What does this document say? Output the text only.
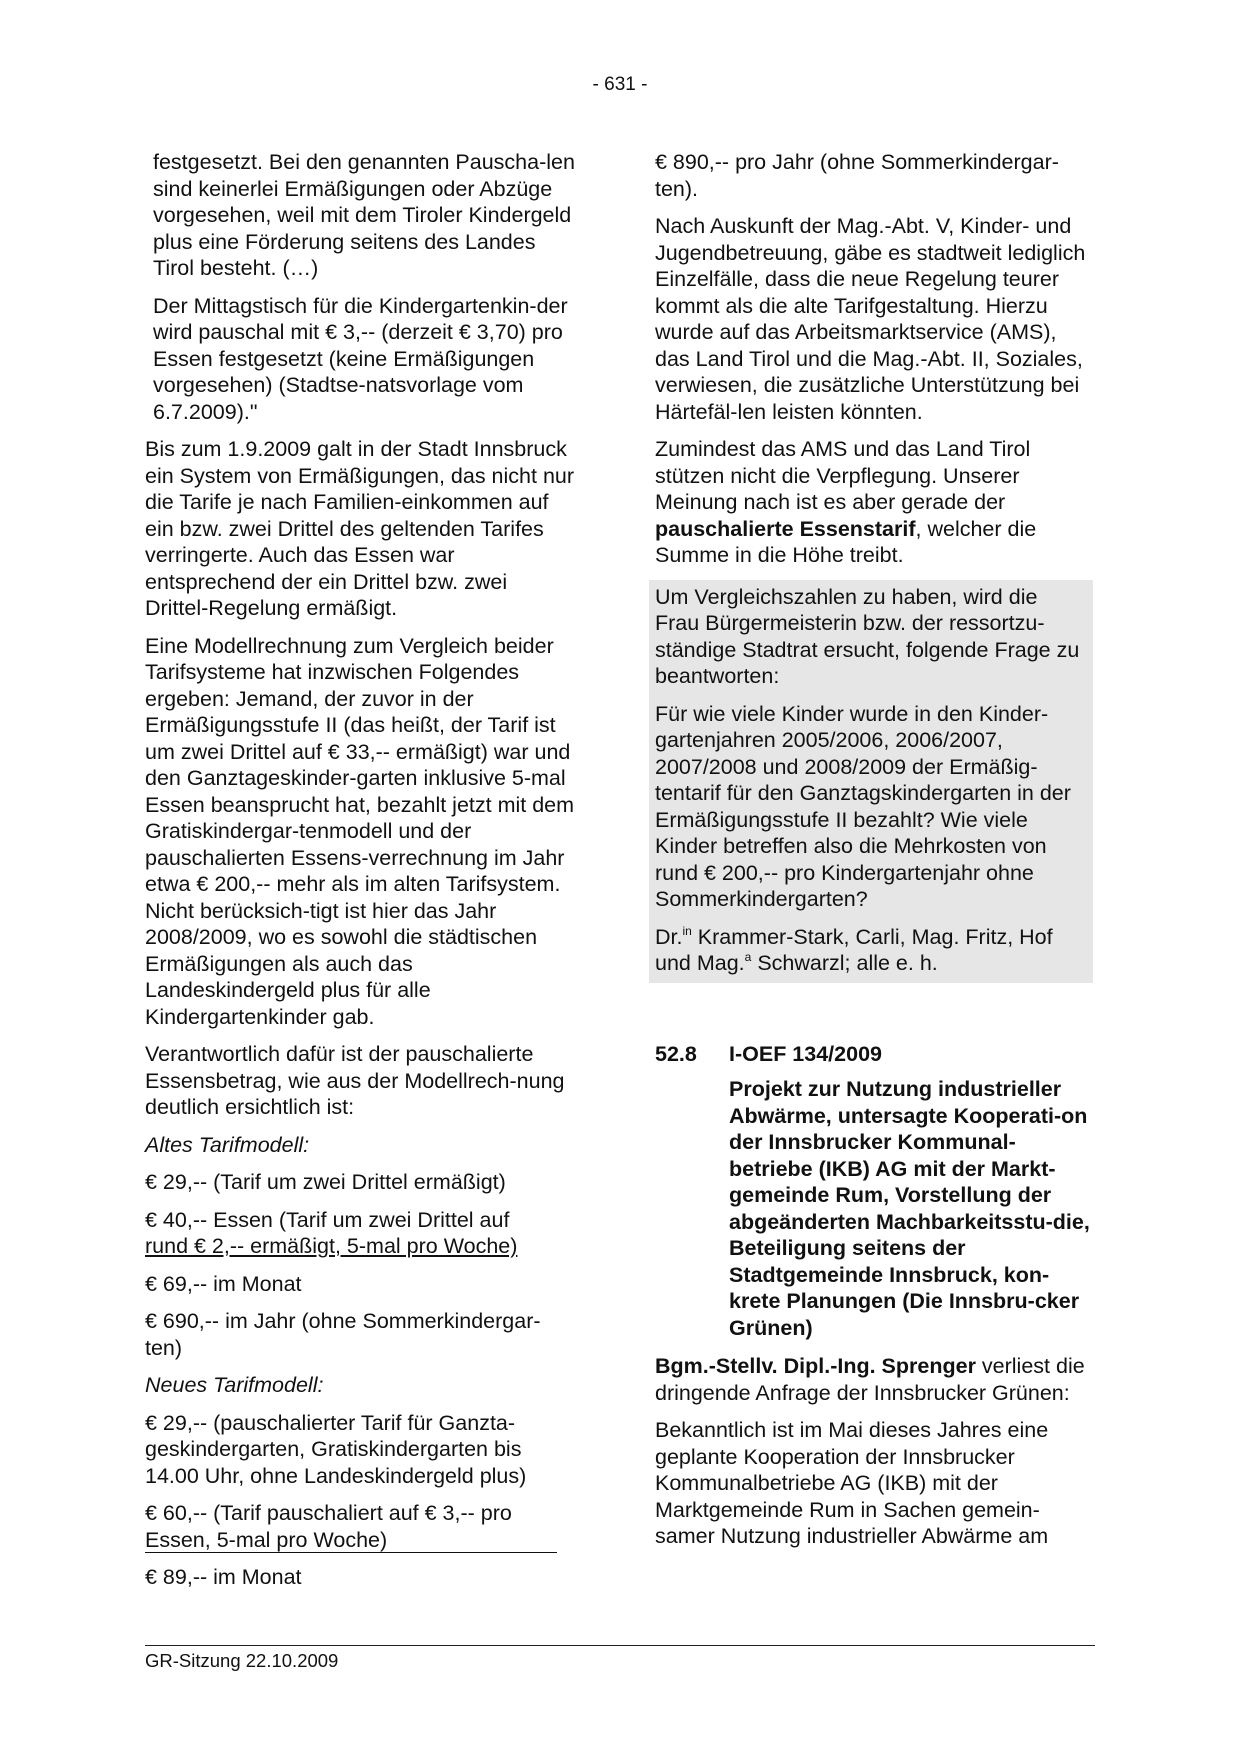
- 631 -

festgesetzt. Bei den genannten Pauscha-len sind keinerlei Ermäßigungen oder Abzüge vorgesehen, weil mit dem Tiroler Kindergeld plus eine Förderung seitens des Landes Tirol besteht. (…)

Der Mittagstisch für die Kindergartenkin-der wird pauschal mit € 3,-- (derzeit € 3,70) pro Essen festgesetzt (keine Ermäßigungen vorgesehen) (Stadtse-natsvorlage vom 6.7.2009)."

Bis zum 1.9.2009 galt in der Stadt Innsbruck ein System von Ermäßigungen, das nicht nur die Tarife je nach Familien-einkommen auf ein bzw. zwei Drittel des geltenden Tarifes verringerte. Auch das Essen war entsprechend der ein Drittel bzw. zwei Drittel-Regelung ermäßigt.

Eine Modellrechnung zum Vergleich beider Tarifsysteme hat inzwischen Folgendes ergeben: Jemand, der zuvor in der Ermäßigungsstufe II (das heißt, der Tarif ist um zwei Drittel auf € 33,-- ermäßigt) war und den Ganztageskinder-garten inklusive 5-mal Essen beansprucht hat, bezahlt jetzt mit dem Gratiskindergar-tenmodell und der pauschalierten Essens-verrechnung im Jahr etwa € 200,-- mehr als im alten Tarifsystem. Nicht berücksich-tigt ist hier das Jahr 2008/2009, wo es sowohl die städtischen Ermäßigungen als auch das Landeskindergeld plus für alle Kindergartenkinder gab.

Verantwortlich dafür ist der pauschalierte Essensbetrag, wie aus der Modellrech-nung deutlich ersichtlich ist:

Altes Tarifmodell:

€ 29,-- (Tarif um zwei Drittel ermäßigt)

€ 40,-- Essen (Tarif um zwei Drittel auf
rund € 2,-- ermäßigt, 5-mal pro Woche)

€ 69,-- im Monat

€ 690,-- im Jahr (ohne Sommerkindergar-ten)

Neues Tarifmodell:

€ 29,-- (pauschalierter Tarif für Ganzta-geskindergarten, Gratiskindergarten bis 14.00 Uhr, ohne Landeskindergeld plus)

€ 60,-- (Tarif pauschaliert auf € 3,-- pro
Essen, 5-mal pro Woche)

€ 89,-- im Monat

€ 890,-- pro Jahr (ohne Sommerkindergar-ten).

Nach Auskunft der Mag.-Abt. V, Kinder- und Jugendbetreuung, gäbe es stadtweit lediglich Einzelfälle, dass die neue Regelung teurer kommt als die alte Tarifgestaltung. Hierzu wurde auf das Arbeitsmarktservice (AMS), das Land Tirol und die Mag.-Abt. II, Soziales, verwiesen, die zusätzliche Unterstützung bei Härtefäl-len leisten könnten.

Zumindest das AMS und das Land Tirol stützen nicht die Verpflegung. Unserer Meinung nach ist es aber gerade der pauschalierte Essenstarif, welcher die Summe in die Höhe treibt.

Um Vergleichszahlen zu haben, wird die Frau Bürgermeisterin bzw. der ressortzu-ständige Stadtrat ersucht, folgende Frage zu beantworten:

Für wie viele Kinder wurde in den Kinder-gartenjahren 2005/2006, 2006/2007, 2007/2008 und 2008/2009 der Ermäßig-tentarif für den Ganztagskindergarten in der Ermäßigungsstufe II bezahlt? Wie viele Kinder betreffen also die Mehrkosten von rund € 200,-- pro Kindergartenjahr ohne Sommerkindergarten?

Dr.$^{in}$ Krammer-Stark, Carli, Mag. Fritz, Hof und Mag.$^a$ Schwarzl; alle e. h.

52.8	I-OEF 134/2009
Projekt zur Nutzung industrieller Abwärme, untersagte Kooperati-on der Innsbrucker Kommunal-betriebe (IKB) AG mit der Markt-gemeinde Rum, Vorstellung der abgeänderten Machbarkeitsstu-die, Beteiligung seitens der Stadtgemeinde Innsbruck, kon-krete Planungen (Die Innsbru-cker Grünen)

Bgm.-Stellv. Dipl.-Ing. Sprenger verliest die dringende Anfrage der Innsbrucker Grünen:

Bekanntlich ist im Mai dieses Jahres eine geplante Kooperation der Innsbrucker Kommunalbetriebe AG (IKB) mit der Marktgemeinde Rum in Sachen gemein-samer Nutzung industrieller Abwärme am

GR-Sitzung 22.10.2009
